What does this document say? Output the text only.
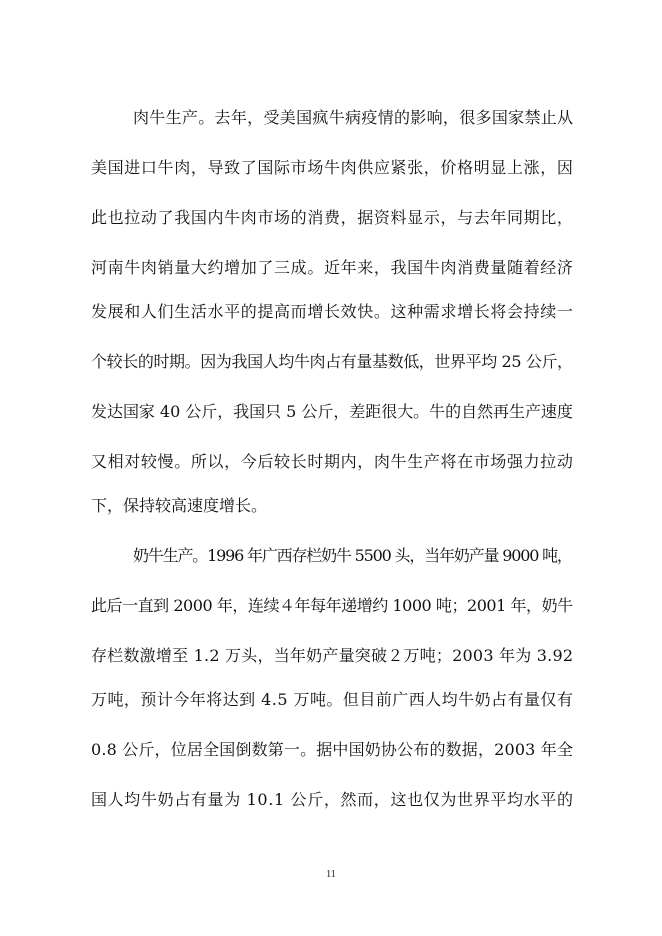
肉牛生产。去年，受美国疯牛病疫情的影响，很多国家禁止从
美国进口牛肉，导致了国际市场牛肉供应紧张，价格明显上涨，因
此也拉动了我国内牛肉市场的消费，据资料显示，与去年同期比，
河南牛肉销量大约增加了三成。近年来，我国牛肉消费量随着经济
发展和人们生活水平的提高而增长效快。这种需求增长将会持续一
个较长的时期。因为我国人均牛肉占有量基数低，世界平均 25 公斤，
发达国家 40 公斤，我国只 5 公斤，差距很大。牛的自然再生产速度
又相对较慢。所以，今后较长时期内，肉牛生产将在市场强力拉动
下，保持较高速度增长。
奶牛生产。1996 年广西存栏奶牛 5500 头，当年奶产量 9000 吨，
此后一直到 2000 年，连续４年每年递增约 1000 吨；2001 年，奶牛
存栏数激增至 1.2 万头，当年奶产量突破２万吨；2003 年为 3.92
万吨，预计今年将达到 4.5 万吨。但目前广西人均牛奶占有量仅有
0.8 公斤，位居全国倒数第一。据中国奶协公布的数据，2003 年全
国人均牛奶占有量为 10.1 公斤，然而，这也仅为世界平均水平的
11
